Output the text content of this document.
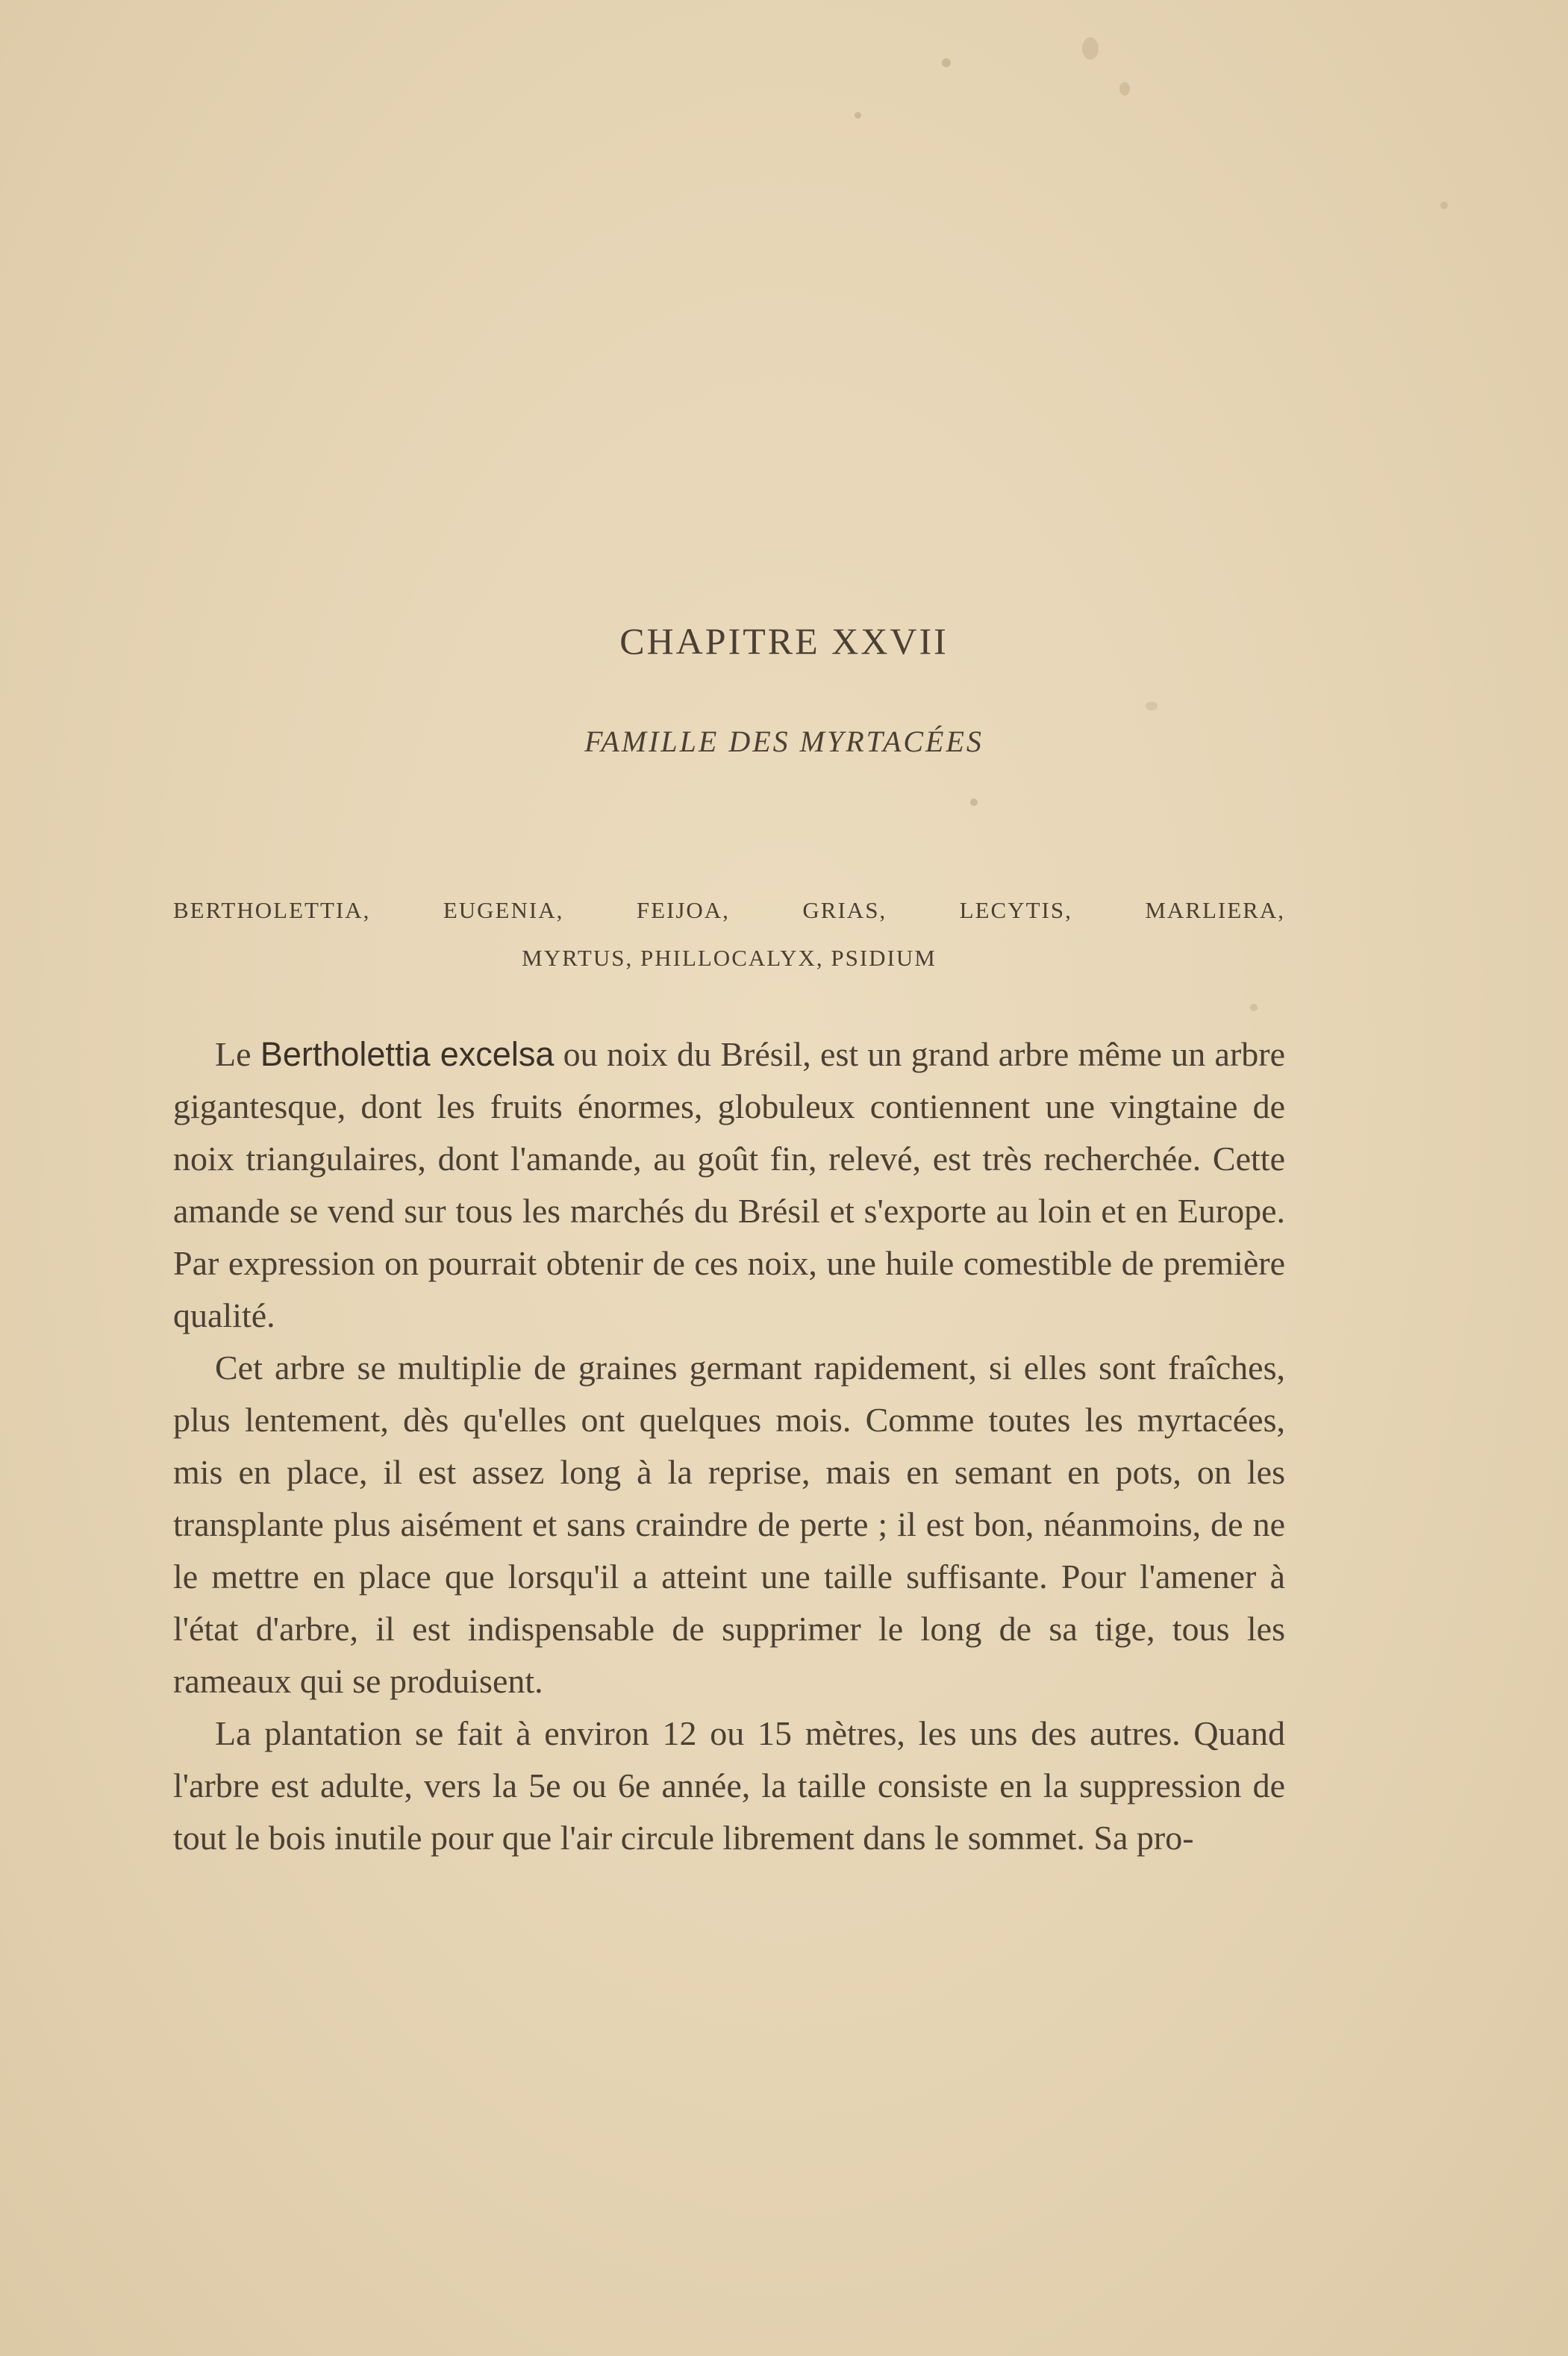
CHAPITRE XXVII
FAMILLE DES MYRTACÉES
BERTHOLETTIA, EUGENIA, FEIJOA, GRIAS, LECYTIS, MARLIERA,
MYRTUS, PHILLOCALYX, PSIDIUM

Le Bertholettia excelsa ou noix du Brésil, est un grand arbre même un arbre gigantesque, dont les fruits énormes, globuleux contiennent une vingtaine de noix triangulaires, dont l'amande, au goût fin, relevé, est très recherchée. Cette amande se vend sur tous les marchés du Brésil et s'exporte au loin et en Europe. Par expression on pourrait obtenir de ces noix, une huile comestible de première qualité.

Cet arbre se multiplie de graines germant rapidement, si elles sont fraîches, plus lentement, dès qu'elles ont quelques mois. Comme toutes les myrtacées, mis en place, il est assez long à la reprise, mais en semant en pots, on les transplante plus aisément et sans craindre de perte ; il est bon, néanmoins, de ne le mettre en place que lorsqu'il a atteint une taille suffisante. Pour l'amener à l'état d'arbre, il est indispensable de supprimer le long de sa tige, tous les rameaux qui se produisent.

La plantation se fait à environ 12 ou 15 mètres, les uns des autres. Quand l'arbre est adulte, vers la 5e ou 6e année, la taille consiste en la suppression de tout le bois inutile pour que l'air circule librement dans le sommet. Sa pro-
